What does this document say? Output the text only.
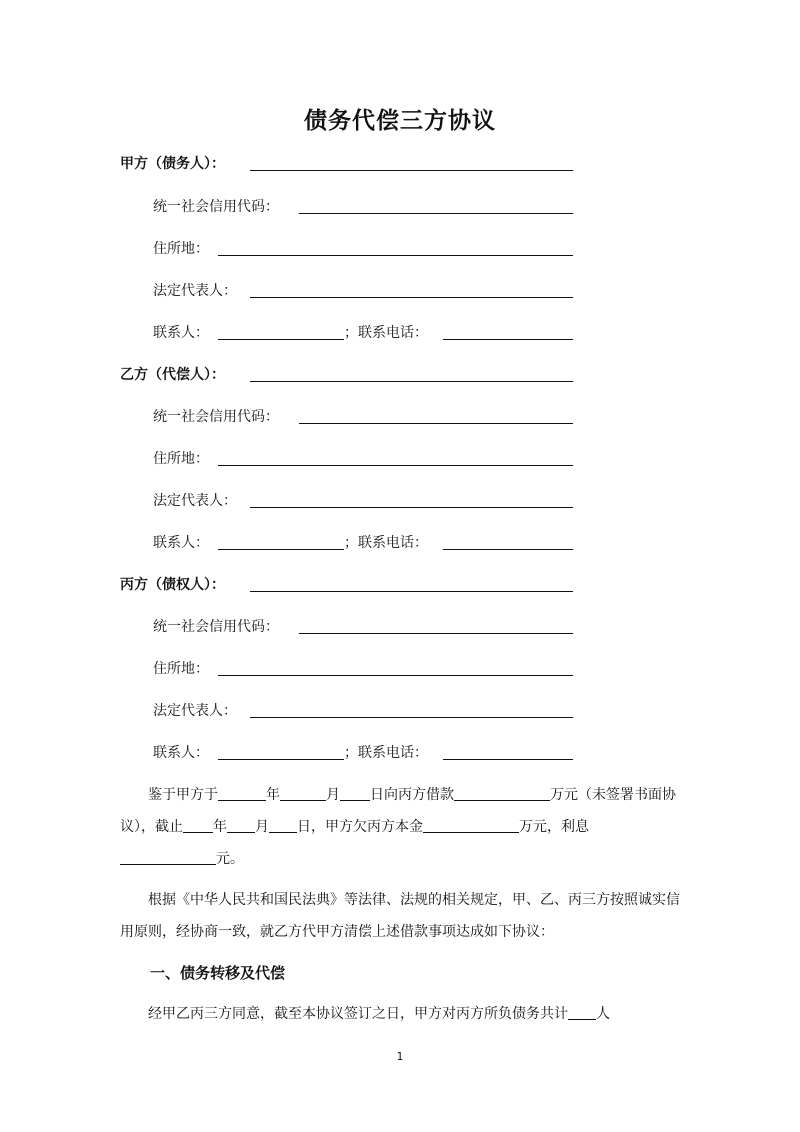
债务代偿三方协议
甲方（债务人）：
统一社会信用代码：
住所地：
法定代表人：
联系人：	；联系电话：
乙方（代偿人）：
统一社会信用代码：
住所地：
法定代表人：
联系人：	；联系电话：
丙方（债权人）：
统一社会信用代码：
住所地：
法定代表人：
联系人：	；联系电话：
鉴于甲方于	年	月 日向丙方借款	万元（未签署书面协议），截止 年 月 日，甲方欠丙方本金	万元，利息元。
根据《中华人民共和国民法典》等法律、法规的相关规定，甲、乙、丙三方按照诚实信用原则，经协商一致，就乙方代甲方清偿上述借款事项达成如下协议：
一、债务转移及代偿
经甲乙丙三方同意，截至本协议签订之日，甲方对丙方所负债务共计 人
1
